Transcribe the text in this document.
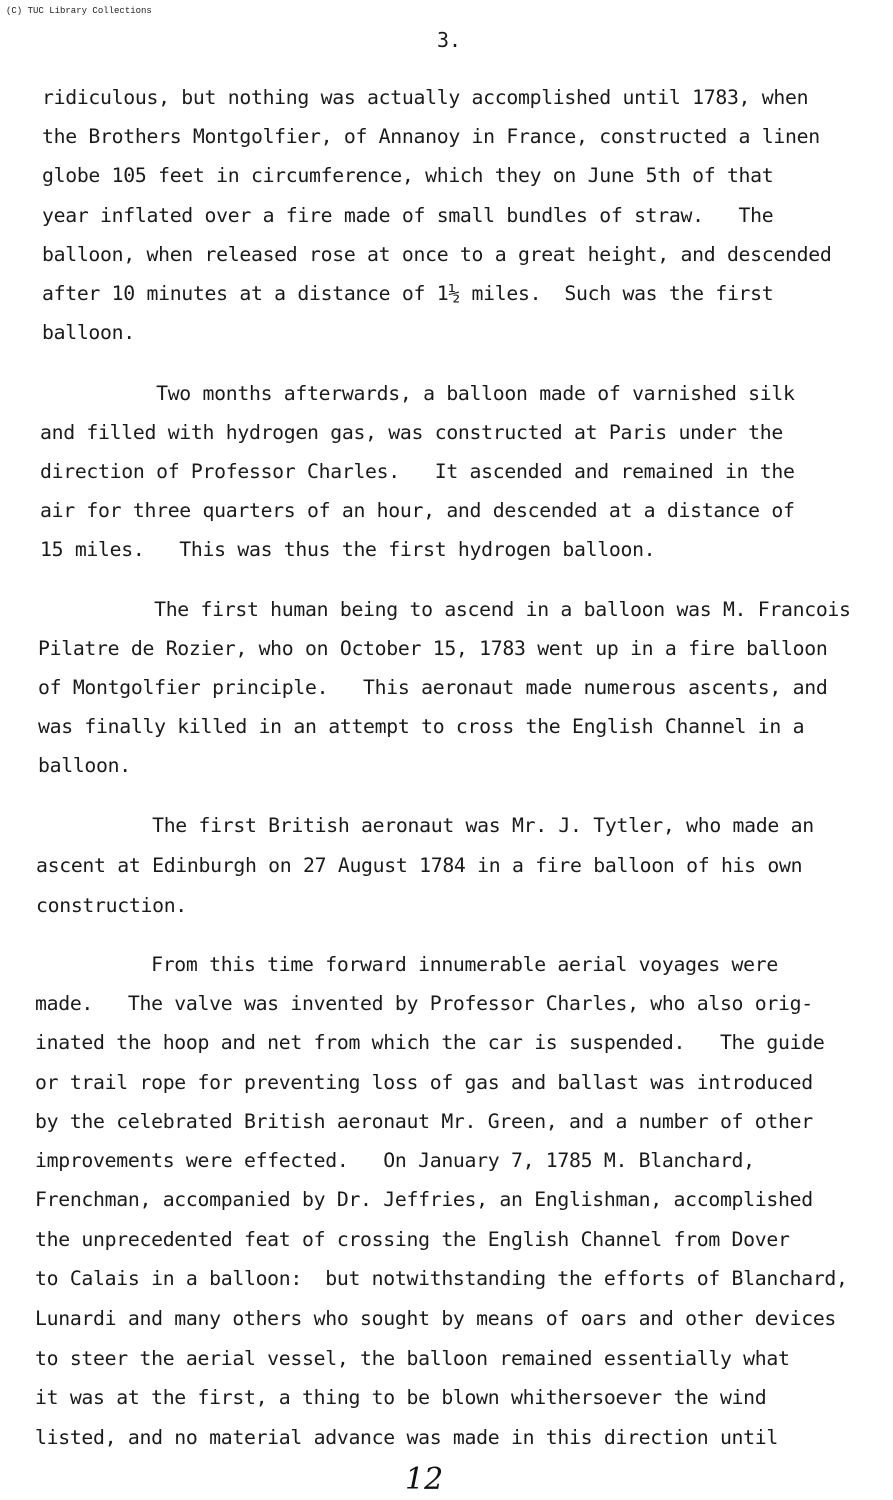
(C) TUC Library Collections
3.
ridiculous, but nothing was actually accomplished until 1783, when
the Brothers Montgolfier, of Annanoy in France, constructed a linen
globe 105 feet in circumference, which they on June 5th of that
year inflated over a fire made of small bundles of straw.   The
balloon, when released rose at once to a great height, and descended
after 10 minutes at a distance of 1½ miles.  Such was the first
balloon.
Two months afterwards, a balloon made of varnished silk
and filled with hydrogen gas, was constructed at Paris under the
direction of Professor Charles.   It ascended and remained in the
air for three quarters of an hour, and descended at a distance of
15 miles.   This was thus the first hydrogen balloon.
The first human being to ascend in a balloon was M. Francois
Pilatre de Rozier, who on October 15, 1783 went up in a fire balloon
of Montgolfier principle.   This aeronaut made numerous ascents, and
was finally killed in an attempt to cross the English Channel in a
balloon.
The first British aeronaut was Mr. J. Tytler, who made an
ascent at Edinburgh on 27 August 1784 in a fire balloon of his own
construction.
From this time forward innumerable aerial voyages were
made.   The valve was invented by Professor Charles, who also orig-
inated the hoop and net from which the car is suspended.   The guide
or trail rope for preventing loss of gas and ballast was introduced
by the celebrated British aeronaut Mr. Green, and a number of other
improvements were effected.   On January 7, 1785 M. Blanchard,
Frenchman, accompanied by Dr. Jeffries, an Englishman, accomplished
the unprecedented feat of crossing the English Channel from Dover
to Calais in a balloon:  but notwithstanding the efforts of Blanchard,
Lunardi and many others who sought by means of oars and other devices
to steer the aerial vessel, the balloon remained essentially what
it was at the first, a thing to be blown whithersoever the wind
listed, and no material advance was made in this direction until
12
